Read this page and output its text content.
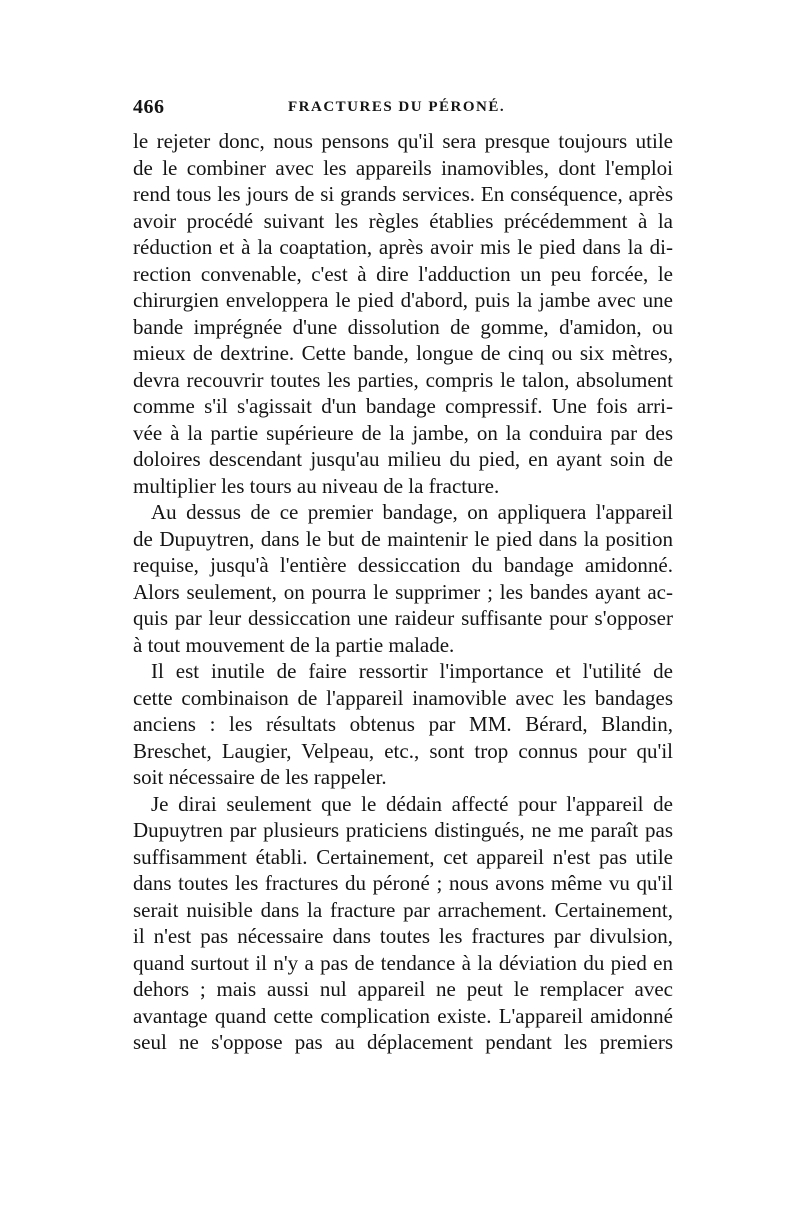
466	FRACTURES DU PÉRONÉ.
le rejeter donc, nous pensons qu'il sera presque toujours utile
de le combiner avec les appareils inamovibles, dont l'emploi
rend tous les jours de si grands services. En conséquence, après
avoir procédé suivant les règles établies précédemment à la
réduction et à la coaptation, après avoir mis le pied dans la di-
rection convenable, c'est à dire l'adduction un peu forcée, le
chirurgien enveloppera le pied d'abord, puis la jambe avec une
bande imprégnée d'une dissolution de gomme, d'amidon, ou
mieux de dextrine. Cette bande, longue de cinq ou six mètres,
devra recouvrir toutes les parties, compris le talon, absolument
comme s'il s'agissait d'un bandage compressif. Une fois arri-
vée à la partie supérieure de la jambe, on la conduira par des
doloires descendant jusqu'au milieu du pied, en ayant soin de
multiplier les tours au niveau de la fracture.
Au dessus de ce premier bandage, on appliquera l'appareil
de Dupuytren, dans le but de maintenir le pied dans la position
requise, jusqu'à l'entière dessiccation du bandage amidonné.
Alors seulement, on pourra le supprimer ; les bandes ayant ac-
quis par leur dessiccation une raideur suffisante pour s'opposer
à tout mouvement de la partie malade.
Il est inutile de faire ressortir l'importance et l'utilité de
cette combinaison de l'appareil inamovible avec les bandages
anciens : les résultats obtenus par MM. Bérard, Blandin,
Breschet, Laugier, Velpeau, etc., sont trop connus pour qu'il
soit nécessaire de les rappeler.
Je dirai seulement que le dédain affecté pour l'appareil de
Dupuytren par plusieurs praticiens distingués, ne me paraît pas
suffisamment établi. Certainement, cet appareil n'est pas utile
dans toutes les fractures du péroné ; nous avons même vu qu'il
serait nuisible dans la fracture par arrachement. Certainement,
il n'est pas nécessaire dans toutes les fractures par divulsion,
quand surtout il n'y a pas de tendance à la déviation du pied en
dehors ; mais aussi nul appareil ne peut le remplacer avec
avantage quand cette complication existe. L'appareil amidonné
seul ne s'oppose pas au déplacement pendant les premiers
